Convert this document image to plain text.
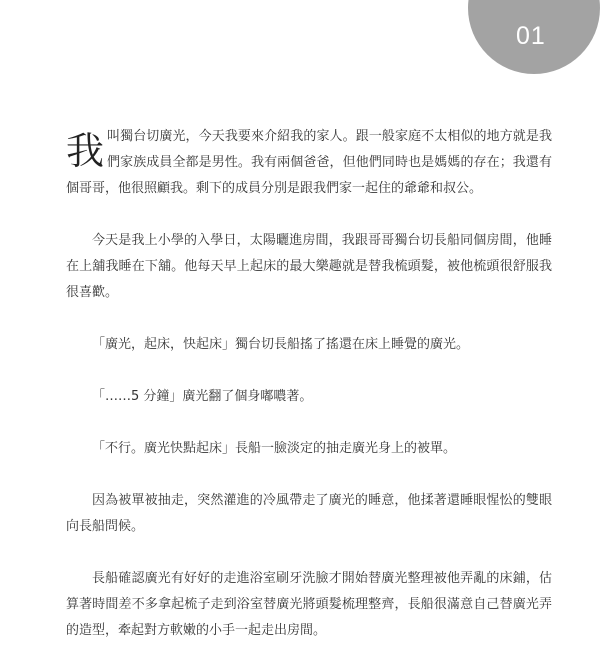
01

我叫獨台切廣光，今天我要來介紹我的家人。跟一般家庭不太相似的地方就是我們家族成員全都是男性。我有兩個爸爸，但他們同時也是媽媽的存在；我還有個哥哥，他很照顧我。剩下的成員分別是跟我們家一起住的爺爺和叔公。

今天是我上小學的入學日，太陽曬進房間，我跟哥哥獨台切長船同個房間，他睡在上舖我睡在下舖。他每天早上起床的最大樂趣就是替我梳頭髮，被他梳頭很舒服我很喜歡。

「廣光，起床，快起床」獨台切長船搖了搖還在床上睡覺的廣光。

「……5 分鐘」廣光翻了個身嘟噥著。

「不行。廣光快點起床」長船一臉淡定的抽走廣光身上的被單。

因為被單被抽走，突然灌進的冷風帶走了廣光的睡意，他揉著還睡眼惺忪的雙眼向長船問候。

長船確認廣光有好好的走進浴室刷牙洗臉才開始替廣光整理被他弄亂的床鋪，估算著時間差不多拿起梳子走到浴室替廣光將頭髮梳理整齊，長船很滿意自己替廣光弄的造型，牽起對方軟嫩的小手一起走出房間。
